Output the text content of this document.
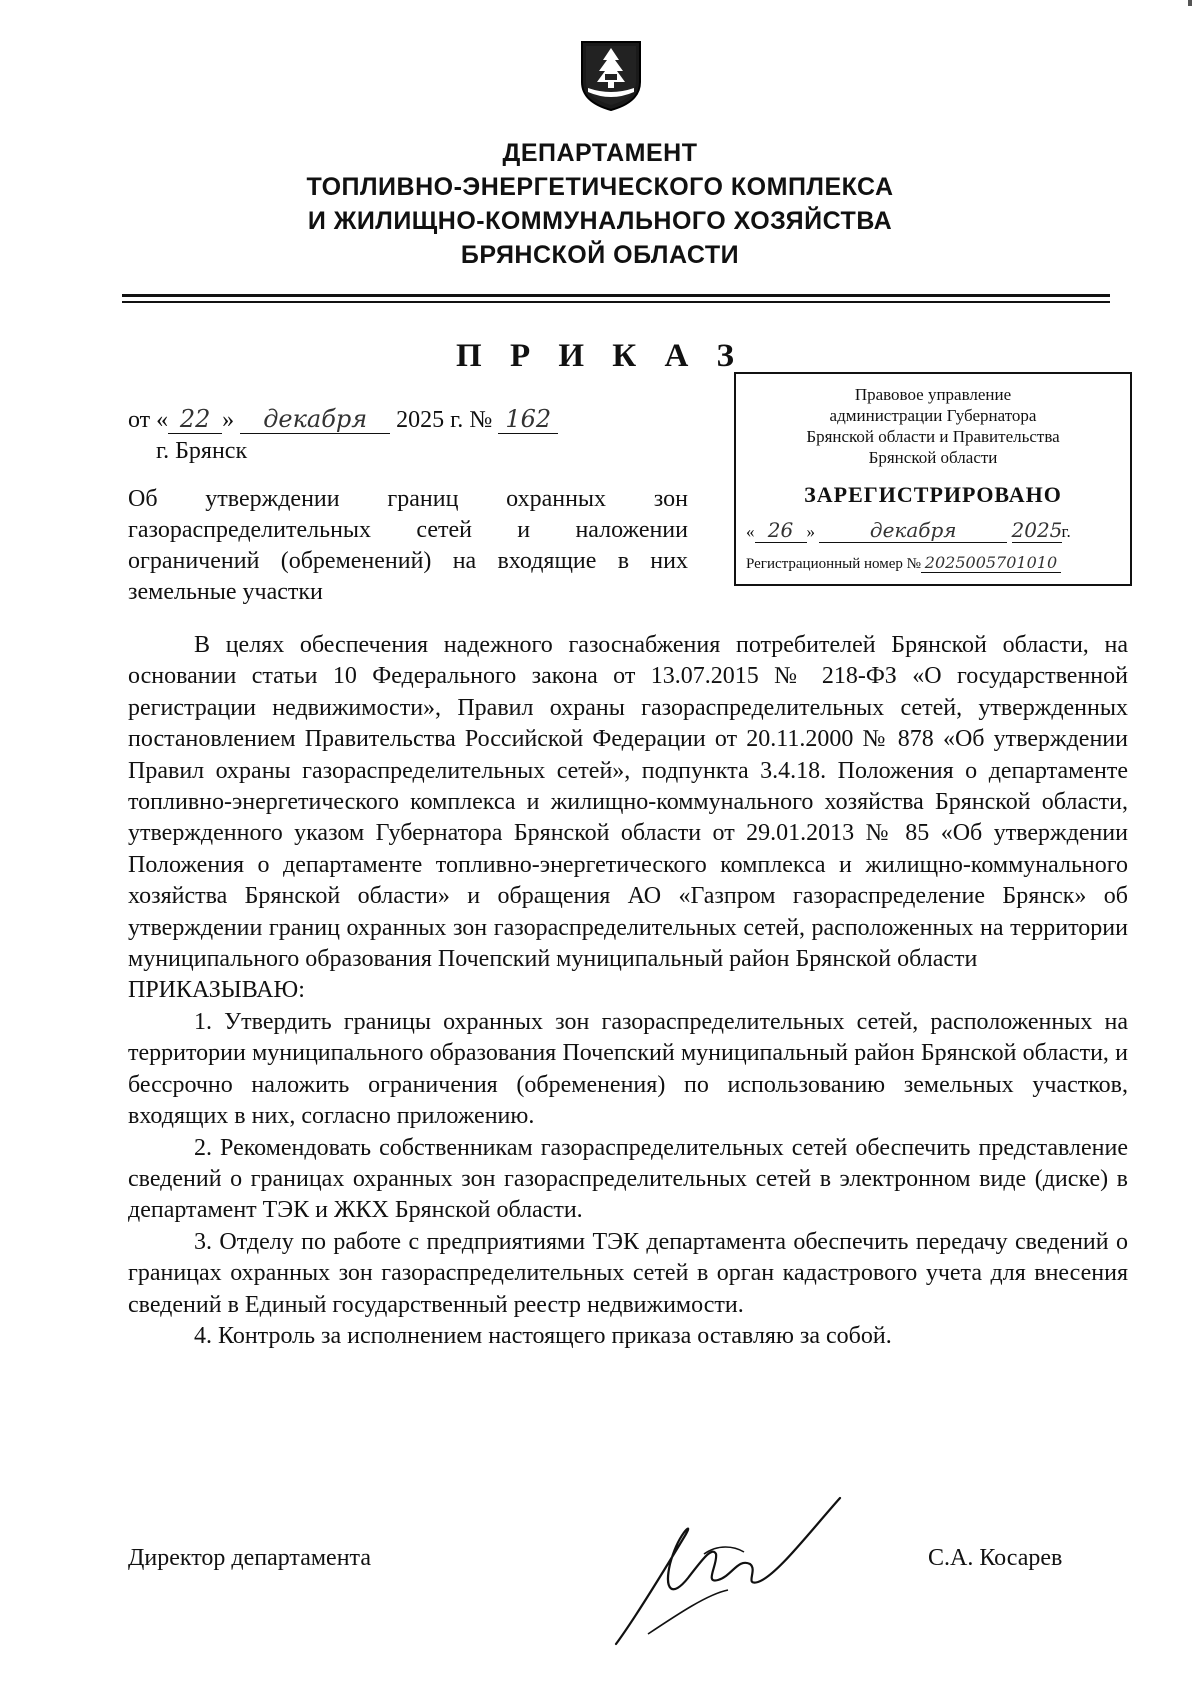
ДЕПАРТАМЕНТ
ТОПЛИВНО-ЭНЕРГЕТИЧЕСКОГО КОМПЛЕКСА
И ЖИЛИЩНО-КОММУНАЛЬНОГО ХОЗЯЙСТВА
БРЯНСКОЙ ОБЛАСТИ
П Р И К А З
от « 22 » декабря 2025 г. № 162
г. Брянск
Об утверждении границ охранных зон газораспределительных сетей и наложении ограничений (обременений) на входящие в них земельные участки
Правовое управление
администрации Губернатора
Брянской области и Правительства
Брянской области
ЗАРЕГИСТРИРОВАНО
« 26 »	декабря	2025г.
Регистрационный номер № 2025005701010

В целях обеспечения надежного газоснабжения потребителей Брянской области, на основании статьи 10 Федерального закона от 13.07.2015 № 218-ФЗ «О государственной регистрации недвижимости», Правил охраны газораспределительных сетей, утвержденных постановлением Правительства Российской Федерации от 20.11.2000 № 878 «Об утверждении Правил охраны газораспределительных сетей», подпункта 3.4.18. Положения о департаменте топливно-энергетического комплекса и жилищно-коммунального хозяйства Брянской области, утвержденного указом Губернатора Брянской области от 29.01.2013 № 85 «Об утверждении Положения о департаменте топливно-энергетического комплекса и жилищно-коммунального хозяйства Брянской области» и обращения АО «Газпром газораспределение Брянск» об утверждении границ охранных зон газораспределительных сетей, расположенных на территории муниципального образования Почепский муниципальный район Брянской области

ПРИКАЗЫВАЮ:

1. Утвердить границы охранных зон газораспределительных сетей, расположенных на территории муниципального образования Почепский муниципальный район Брянской области, и бессрочно наложить ограничения (обременения) по использованию земельных участков, входящих в них, согласно приложению.

2. Рекомендовать собственникам газораспределительных сетей обеспечить представление сведений о границах охранных зон газораспределительных сетей в электронном виде (диске) в департамент ТЭК и ЖКХ Брянской области.

3. Отделу по работе с предприятиями ТЭК департамента обеспечить передачу сведений о границах охранных зон газораспределительных сетей в орган кадастрового учета для внесения сведений в Единый государственный реестр недвижимости.

4. Контроль за исполнением настоящего приказа оставляю за собой.

Директор департамента	С.А. Косарев
